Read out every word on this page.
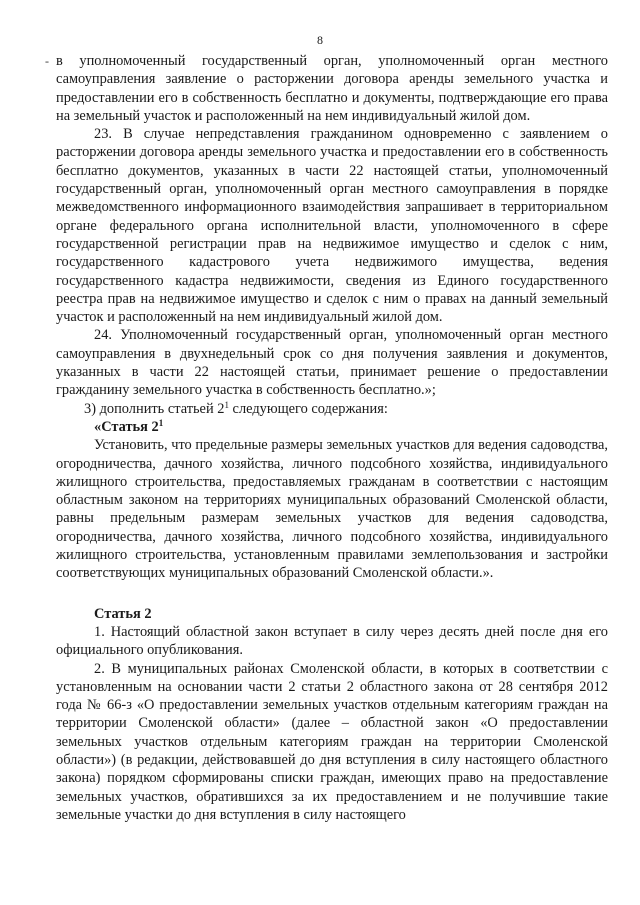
8
- в уполномоченный государственный орган, уполномоченный орган местного самоуправления заявление о расторжении договора аренды земельного участка и предоставлении его в собственность бесплатно и документы, подтверждающие его права на земельный участок и расположенный на нем индивидуальный жилой дом.

23. В случае непредставления гражданином одновременно с заявлением о расторжении договора аренды земельного участка и предоставлении его в собственность бесплатно документов, указанных в части 22 настоящей статьи, уполномоченный государственный орган, уполномоченный орган местного самоуправления в порядке межведомственного информационного взаимодействия запрашивает в территориальном органе федерального органа исполнительной власти, уполномоченного в сфере государственной регистрации прав на недвижимое имущество и сделок с ним, государственного кадастрового учета недвижимого имущества, ведения государственного кадастра недвижимости, сведения из Единого государственного реестра прав на недвижимое имущество и сделок с ним о правах на данный земельный участок и расположенный на нем индивидуальный жилой дом.

24. Уполномоченный государственный орган, уполномоченный орган местного самоуправления в двухнедельный срок со дня получения заявления и документов, указанных в части 22 настоящей статьи, принимает решение о предоставлении гражданину земельного участка в собственность бесплатно.»;

3) дополнить статьей $2^1$ следующего содержания:

«Статья $2^1$

Установить, что предельные размеры земельных участков для ведения садоводства, огородничества, дачного хозяйства, личного подсобного хозяйства, индивидуального жилищного строительства, предоставляемых гражданам в соответствии с настоящим областным законом на территориях муниципальных образований Смоленской области, равны предельным размерам земельных участков для ведения садоводства, огородничества, дачного хозяйства, личного подсобного хозяйства, индивидуального жилищного строительства, установленным правилами землепользования и застройки соответствующих муниципальных образований Смоленской области.».

Статья 2

1. Настоящий областной закон вступает в силу через десять дней после дня его официального опубликования.

2. В муниципальных районах Смоленской области, в которых в соответствии с установленным на основании части 2 статьи 2 областного закона от 28 сентября 2012 года № 66-з «О предоставлении земельных участков отдельным категориям граждан на территории Смоленской области» (далее – областной закон «О предоставлении земельных участков отдельным категориям граждан на территории Смоленской области») (в редакции, действовавшей до дня вступления в силу настоящего областного закона) порядком сформированы списки граждан, имеющих право на предоставление земельных участков, обратившихся за их предоставлением и не получившие такие земельные участки до дня вступления в силу настоящего
